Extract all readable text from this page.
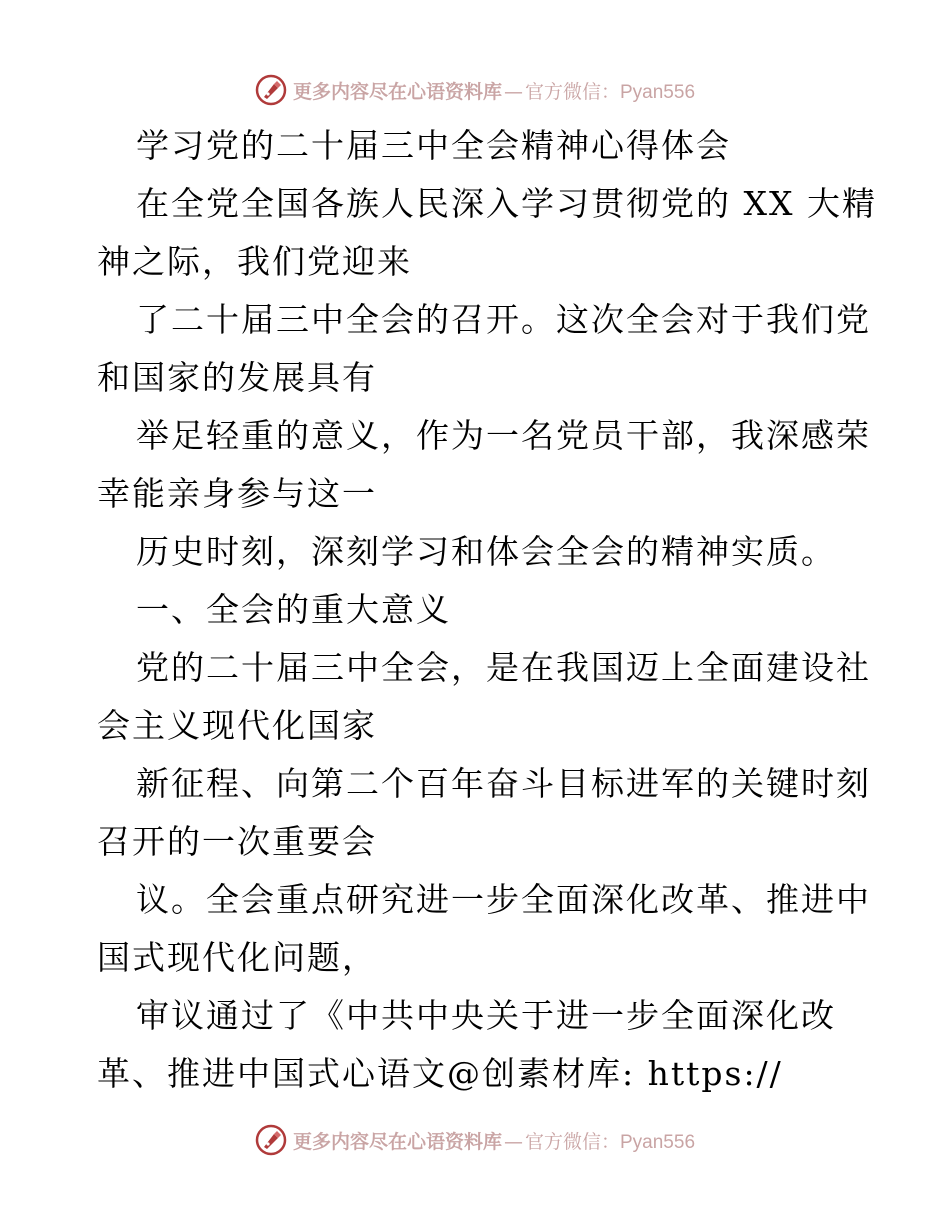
更多内容尽在心语资料库 — 官方微信： Pyan556
学习党的二十届三中全会精神心得体会
在全党全国各族人民深入学习贯彻党的 XX 大精
神之际，我们党迎来
了二十届三中全会的召开。这次全会对于我们党
和国家的发展具有
举足轻重的意义，作为一名党员干部，我深感荣
幸能亲身参与这一
历史时刻，深刻学习和体会全会的精神实质。
一、全会的重大意义
党的二十届三中全会，是在我国迈上全面建设社
会主义现代化国家
新征程、向第二个百年奋斗目标进军的关键时刻
召开的一次重要会
议。全会重点研究进一步全面深化改革、推进中
国式现代化问题，
审议通过了《中共中央关于进一步全面深化改
革、推进中国式心语文@创素材库: https://
更多内容尽在心语资料库 — 官方微信： Pyan556
